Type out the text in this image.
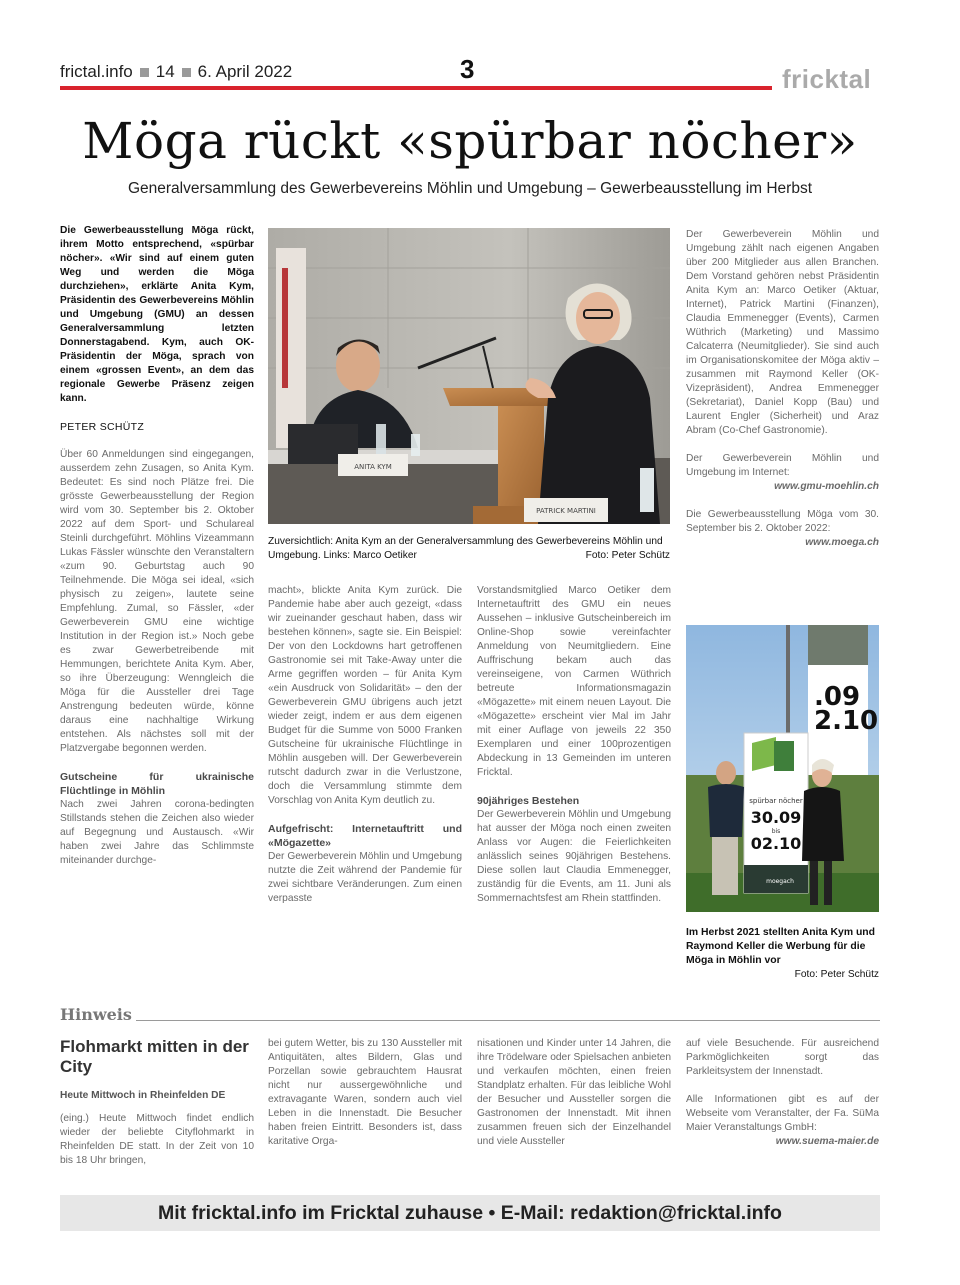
frictal.info 14 6. April 2022	3	fricktal
Möga rückt «spürbar nöcher»
Generalversammlung des Gewerbevereins Möhlin und Umgebung – Gewerbeausstellung im Herbst

Die Gewerbeausstellung Möga rückt, ihrem Motto entsprechend, «spürbar nöcher». «Wir sind auf einem guten Weg und werden die Möga durchziehen», erklärte Anita Kym, Präsidentin des Gewerbevereins Möhlin und Umgebung (GMU) an dessen Generalversammlung letzten Donnerstagabend. Kym, auch OK-Präsidentin der Möga, sprach von einem «grossen Event», an dem das regionale Gewerbe Präsenz zeigen kann.

PETER SCHÜTZ

Über 60 Anmeldungen sind eingegangen, ausserdem zehn Zusagen, so Anita Kym. Bedeutet: Es sind noch Plätze frei. Die grösste Gewerbeausstellung der Region wird vom 30. September bis 2. Oktober 2022 auf dem Sport- und Schulareal Steinli durchgeführt. Möhlins Vizeammann Lukas Fässler wünschte den Veranstaltern «zum 90. Geburtstag auch 90 Teilnehmende. Die Möga sei ideal, «sich physisch zu zeigen», lautete seine Empfehlung. Zumal, so Fässler, «der Gewerbeverein GMU eine wichtige Institution in der Region ist.» Noch gebe es zwar Gewerbetreibende mit Hemmungen, berichtete Anita Kym. Aber, so ihre Überzeugung: Wenngleich die Möga für die Aussteller drei Tage Anstrengung bedeuten würde, könne daraus eine nachhaltige Wirkung entstehen. Als nächstes soll mit der Platzvergabe begonnen werden.

Gutscheine für ukrainische Flüchtlinge in Möhlin

Nach zwei Jahren corona-bedingten Stillstands stehen die Zeichen also wieder auf Begegnung und Austausch. «Wir haben zwei Jahre das Schlimmste miteinander durchge-

ANITA KYM
PATRICK MARTINI
Zuversichtlich: Anita Kym an der Generalversammlung des Gewerbevereins Möhlin und Umgebung. Links: Marco Oetiker	Foto: Peter Schütz

macht», blickte Anita Kym zurück. Die Pandemie habe aber auch gezeigt, «dass wir zueinander geschaut haben, dass wir bestehen können», sagte sie. Ein Beispiel: Der von den Lockdowns hart getroffenen Gastronomie sei mit Take-Away unter die Arme gegriffen worden – für Anita Kym «ein Ausdruck von Solidarität» – den der Gewerbeverein GMU übrigens auch jetzt wieder zeigt, indem er aus dem eigenen Budget für die Summe von 5000 Franken Gutscheine für ukrainische Flüchtlinge in Möhlin ausgeben will. Der Gewerbeverein rutscht dadurch zwar in die Verlustzone, doch die Versammlung stimmte dem Vorschlag von Anita Kym deutlich zu.

Aufgefrischt: Internetauftritt und «Mögazette»

Der Gewerbeverein Möhlin und Umgebung nutzte die Zeit während der Pandemie für zwei sichtbare Veränderungen. Zum einen verpasste

Vorstandsmitglied Marco Oetiker dem Internetauftritt des GMU ein neues Aussehen – inklusive Gutscheinbereich im Online-Shop sowie vereinfachter Anmeldung von Neumitgliedern. Eine Auffrischung bekam auch das vereinseigene, von Carmen Wüthrich betreute Informationsmagazin «Mögazette» mit einem neuen Layout. Die «Mögazette» erscheint vier Mal im Jahr mit einer Auflage von jeweils 22 350 Exemplaren und einer 100prozentigen Abdeckung in 13 Gemeinden im unteren Fricktal.

90jähriges Bestehen

Der Gewerbeverein Möhlin und Umgebung hat ausser der Möga noch einen zweiten Anlass vor Augen: die Feierlichkeiten anlässlich seines 90jährigen Bestehens. Diese sollen laut Claudia Emmenegger, zuständig für die Events, am 11. Juni als Sommernachtsfest am Rhein stattfinden.

Der Gewerbeverein Möhlin und Umgebung zählt nach eigenen Angaben über 200 Mitglieder aus allen Branchen. Dem Vorstand gehören nebst Präsidentin Anita Kym an: Marco Oetiker (Aktuar, Internet), Patrick Martini (Finanzen), Claudia Emmenegger (Events), Carmen Wüthrich (Marketing) und Massimo Calcaterra (Neumitglieder). Sie sind auch im Organisationskomitee der Möga aktiv – zusammen mit Raymond Keller (OK-Vizepräsident), Andrea Emmenegger (Sekretariat), Daniel Kopp (Bau) und Laurent Engler (Sicherheit) und Araz Abram (Co-Chef Gastronomie).

Der Gewerbeverein Möhlin und Umgebung im Internet:

www.gmu-moehlin.ch

Die Gewerbeausstellung Möga vom 30. September bis 2. Oktober 2022:

www.moega.ch

.09
2.10
spürbar nöcher
30.09
bis
02.10
moegach

Im Herbst 2021 stellten Anita Kym und Raymond Keller die Werbung für die Möga in Möhlin vor

Foto: Peter Schütz

Hinweis
Flohmarkt mitten in der City
Heute Mittwoch in Rheinfelden DE

(eing.) Heute Mittwoch findet endlich wieder der beliebte Cityflohmarkt in Rheinfelden DE statt. In der Zeit von 10 bis 18 Uhr bringen,

bei gutem Wetter, bis zu 130 Aussteller mit Antiquitäten, altes Bildern, Glas und Porzellan sowie gebrauchtem Hausrat nicht nur aussergewöhnliche und extravagante Waren, sondern auch viel Leben in die Innenstadt. Die Besucher haben freien Eintritt. Besonders ist, dass karitative Orga-

nisationen und Kinder unter 14 Jahren, die ihre Trödelware oder Spielsachen anbieten und verkaufen möchten, einen freien Standplatz erhalten. Für das leibliche Wohl der Besucher und Aussteller sorgen die Gastronomen der Innenstadt. Mit ihnen zusammen freuen sich der Einzelhandel und viele Aussteller

auf viele Besuchende. Für ausreichend Parkmöglichkeiten sorgt das Parkleitsystem der Innenstadt.

Alle Informationen gibt es auf der Webseite vom Veranstalter, der Fa. SüMa Maier Veranstaltungs GmbH:

www.suema-maier.de

Mit fricktal.info im Fricktal zuhause • E-Mail: redaktion@fricktal.info
